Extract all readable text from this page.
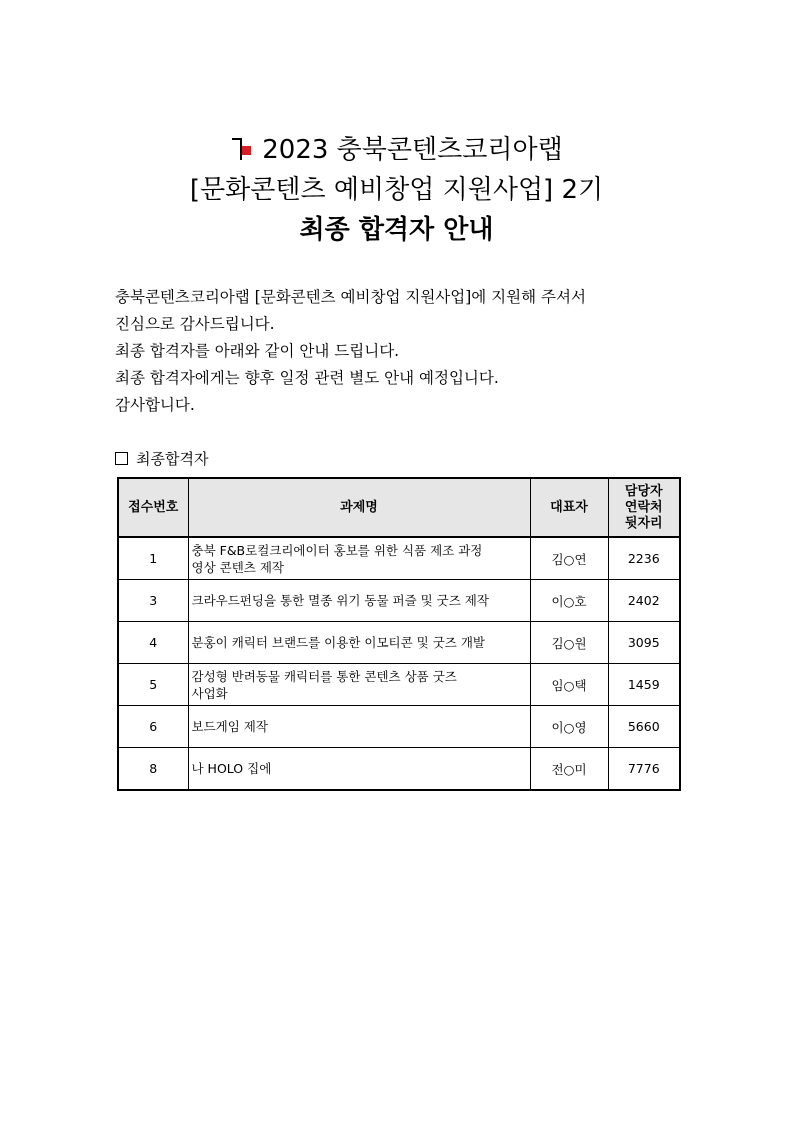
2023 충북콘텐츠코리아랩
[문화콘텐츠 예비창업 지원사업] 2기
최종 합격자 안내

충북콘텐츠코리아랩 [문화콘텐츠 예비창업 지원사업]에 지원해 주셔서

진심으로 감사드립니다.

최종 합격자를 아래와 같이 안내 드립니다.

최종 합격자에게는 향후 일정 관련 별도 안내 예정입니다.

감사합니다.

최종합격자
접수번호	과제명	대표자	담당자
연락처
뒷자리

1	충북 F&B로컬크리에이터 홍보를 위한 식품 제조 과정
영상 콘텐츠 제작	김○연	2236
3	크라우드펀딩을 통한 멸종 위기 동물 퍼즐 및 굿즈 제작	이○호	2402
4	분홍이 캐릭터 브랜드를 이용한 이모티콘 및 굿즈 개발	김○원	3095
5	감성형 반려동물 캐릭터를 통한 콘텐츠 상품 굿즈
사업화	임○택	1459
6	보드게임 제작	이○영	5660
8	나 HOLO 집에	전○미	7776
